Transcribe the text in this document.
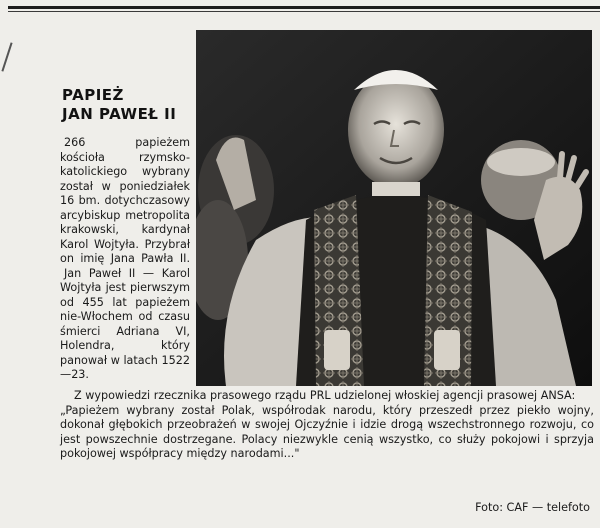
PAPIEŻ
JAN PAWEŁ II

266 papieżem kościoła rzymsko-katolickiego wybrany został w poniedziałek 16 bm. dotychczasowy arcybiskup metropolita krakowski, kardynał Karol Wojtyła. Przybrał on imię Jana Pawła II.

Jan Paweł II — Karol Wojtyła jest pierwszym od 455 lat papieżem nie-Włochem od czasu śmierci Adriana VI, Holendra, który panował w latach 1522—23.

Z wypowiedzi rzecznika prasowego rządu PRL udzielonej włoskiej agencji prasowej ANSA:

„Papieżem wybrany został Polak, współrodak narodu, który przeszedł przez piekło wojny, dokonał głębokich przeobrażeń w swojej Ojczyźnie i idzie drogą wszechstronnego rozwoju, co jest powszechnie dostrzegane. Polacy niezwykle cenią wszystko, co służy pokojowi i sprzyja pokojowej współpracy między narodami..."

Foto: CAF — telefoto
